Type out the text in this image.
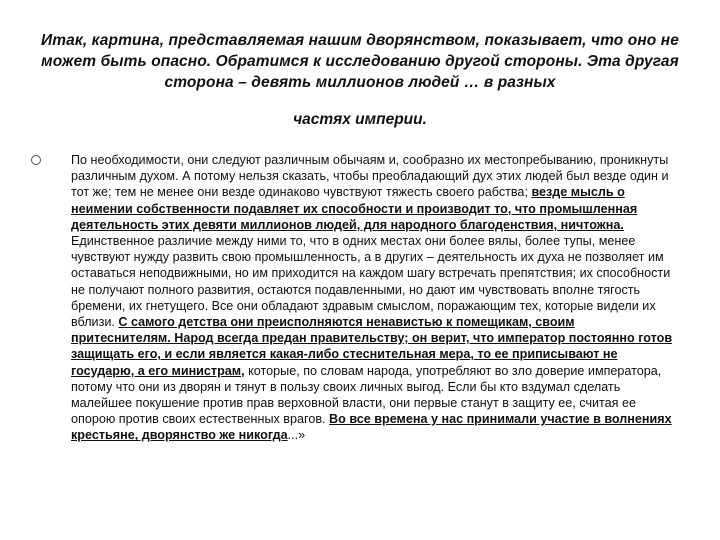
Итак, картина, представляемая нашим дворянством, показывает, что оно не может быть опасно. Обратимся к исследованию другой стороны. Эта другая сторона – девять миллионов людей … в разных
частях империи.
По необходимости, они следуют различным обычаям и, сообразно их местопребыванию, проникнуты различным духом. А потому нельзя сказать, чтобы преобладающий дух этих людей был везде один и тот же; тем не менее они везде одинаково чувствуют тяжесть своего рабства; везде мысль о неимении собственности подавляет их способности и производит то, что промышленная деятельность этих девяти миллионов людей, для народного благоденствия, ничтожна. Единственное различие между ними то, что в одних местах они более вялы, более тупы, менее чувствуют нужду развить свою промышленность, а в других – деятельность их духа не позволяет им оставаться неподвижными, но им приходится на каждом шагу встречать препятствия; их способности не получают полного развития, остаются подавленными, но дают им чувствовать вполне тягость бремени, их гнетущего. Все они обладают здравым смыслом, поражающим тех, которые видели их вблизи. С самого детства они преисполняются ненавистью к помещикам, своим притеснителям. Народ всегда предан правительству; он верит, что император постоянно готов защищать его, и если является какая-либо стеснительная мера, то ее приписывают не государю, а его министрам, которые, по словам народа, употребляют во зло доверие императора, потому что они из дворян и тянут в пользу своих личных выгод. Если бы кто вздумал сделать малейшее покушение против прав верховной власти, они первые станут в защиту ее, считая ее опорою против своих естественных врагов. Во все времена у нас принимали участие в волнениях крестьяне, дворянство же никогда...»
